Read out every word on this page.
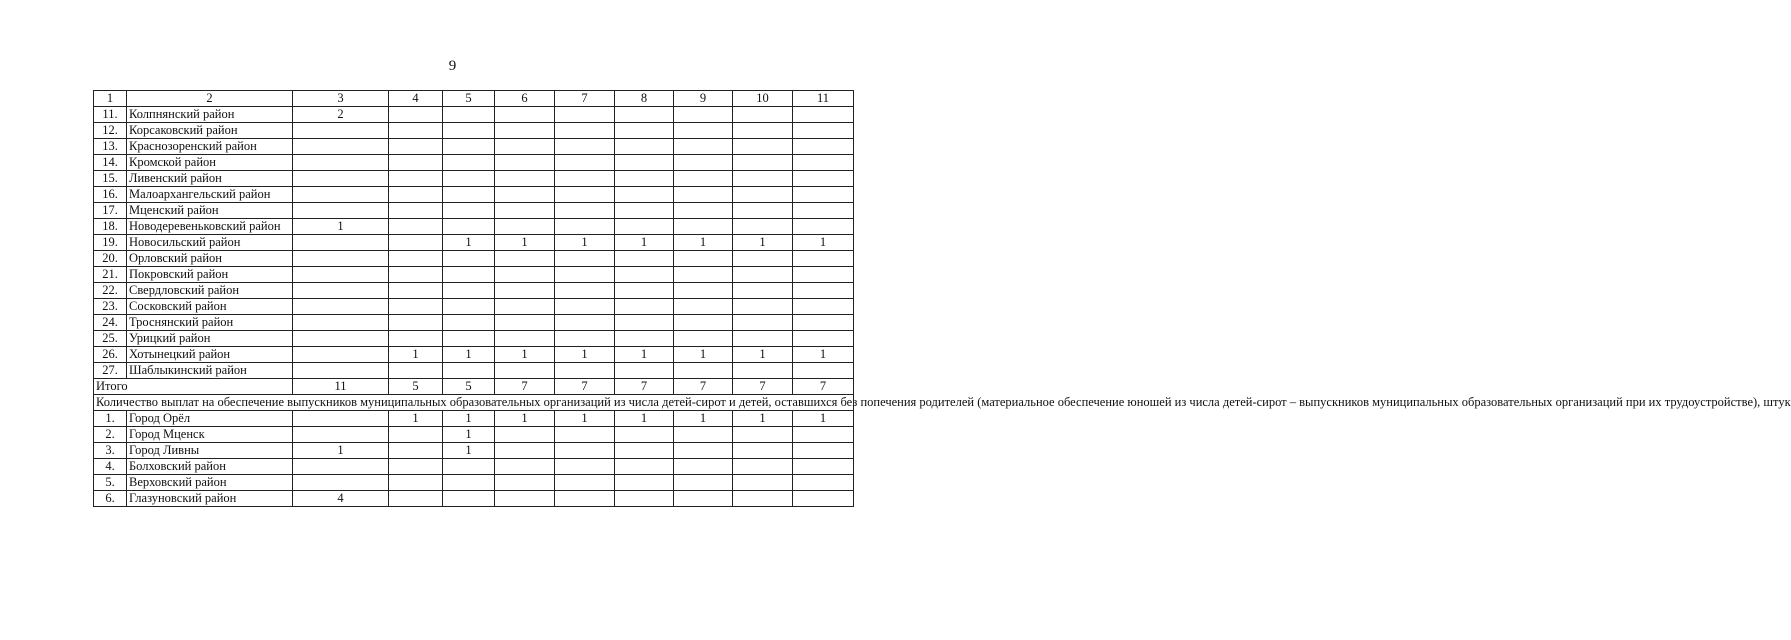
9
1	2	3	4	5	6	7	8	9	10	11
11.	Колпнянский район	2								
12.	Корсаковский район									
13.	Краснозоренский район									
14.	Кромской район									
15.	Ливенский район									
16.	Малоархангельский район									
17.	Мценский район									
18.	Новодеревеньковский район	1								
19.	Новосильский район			1	1	1	1	1	1	1
20.	Орловский район									
21.	Покровский район									
22.	Свердловский район									
23.	Сосковский район									
24.	Троснянский район									
25.	Урицкий район									
26.	Хотынецкий район		1	1	1	1	1	1	1	1
27.	Шаблыкинский район									
Итого		11	5	5	7	7	7	7	7	7
Количество выплат на обеспечение выпускников муниципальных образовательных организаций из числа детей-сирот и детей, оставшихся без попечения родителей (материальное обеспечение юношей из числа детей-сирот – выпускников муниципальных образовательных организаций при их трудоустройстве), штук										
1.	Город Орёл		1	1	1	1	1	1	1	1
2.	Город Мценск			1						
3.	Город Ливны	1		1						
4.	Болховский район									
5.	Верховский район									
6.	Глазуновский район	4								
